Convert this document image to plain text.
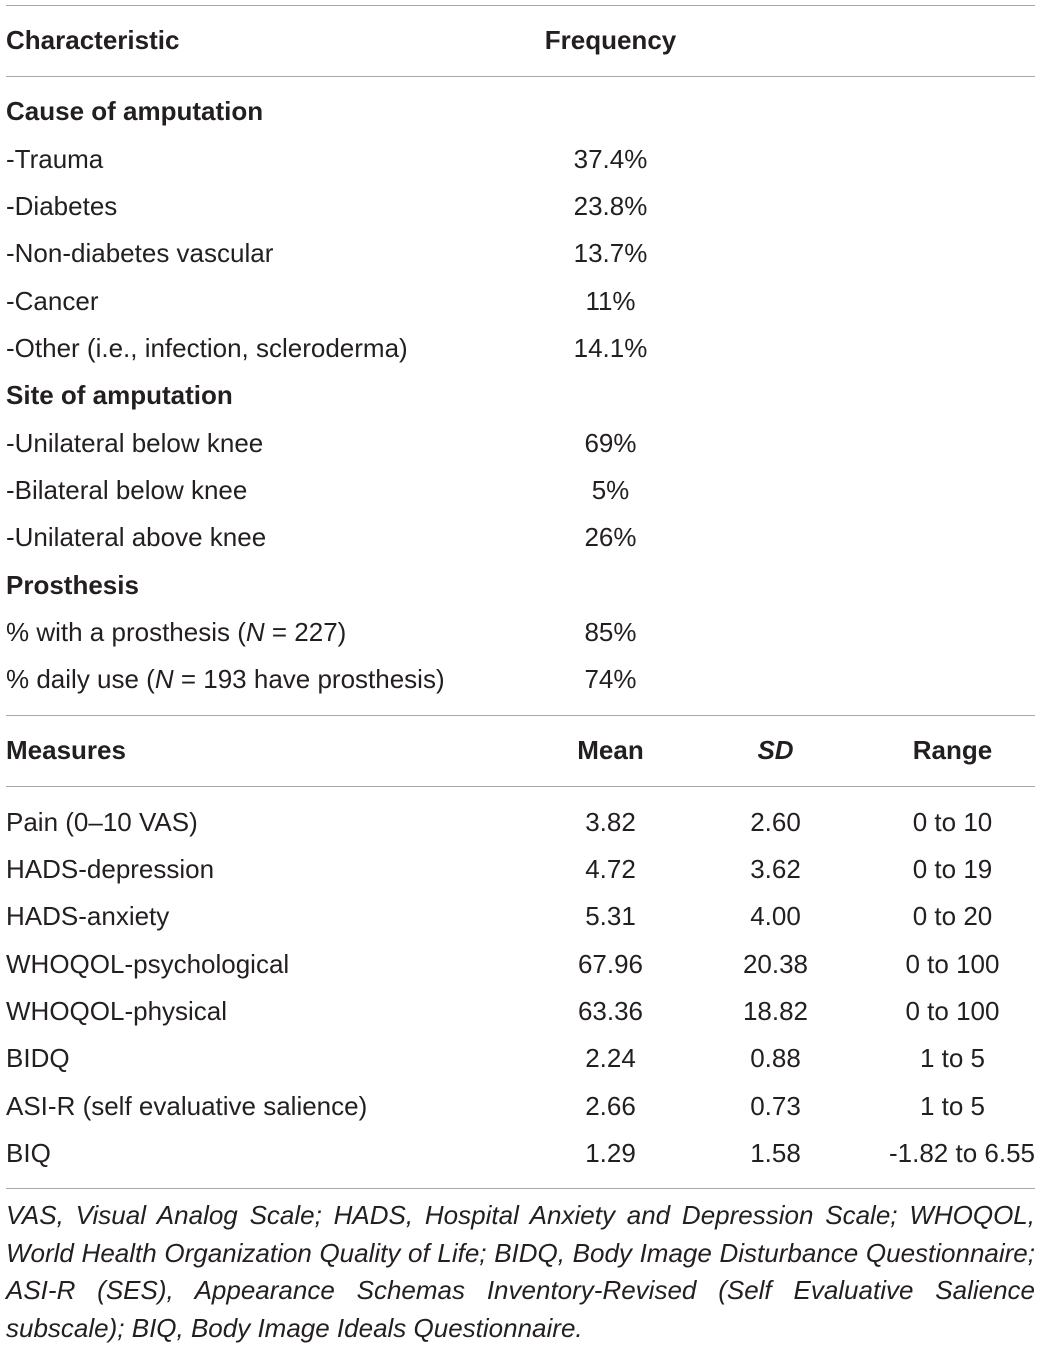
Characteristic	Frequency
Cause of amputation
-Trauma	37.4%
-Diabetes	23.8%
-Non-diabetes vascular	13.7%
-Cancer	11%
-Other (i.e., infection, scleroderma)	14.1%
Site of amputation
-Unilateral below knee	69%
-Bilateral below knee	5%
-Unilateral above knee	26%
Prosthesis
% with a prosthesis (N = 227)	85%
% daily use (N = 193 have prosthesis)	74%
Measures	Mean	SD	Range
Pain (0–10 VAS)	3.82	2.60	0 to 10
HADS-depression	4.72	3.62	0 to 19
HADS-anxiety	5.31	4.00	0 to 20
WHOQOL-psychological	67.96	20.38	0 to 100
WHOQOL-physical	63.36	18.82	0 to 100
BIDQ	2.24	0.88	1 to 5
ASI-R (self evaluative salience)	2.66	0.73	1 to 5
BIQ	1.29	1.58	-1.82 to 6.55
VAS, Visual Analog Scale; HADS, Hospital Anxiety and Depression Scale; WHOQOL, World Health Organization Quality of Life; BIDQ, Body Image Disturbance Questionnaire; ASI-R (SES), Appearance Schemas Inventory-Revised (Self Evaluative Salience subscale); BIQ, Body Image Ideals Questionnaire.
